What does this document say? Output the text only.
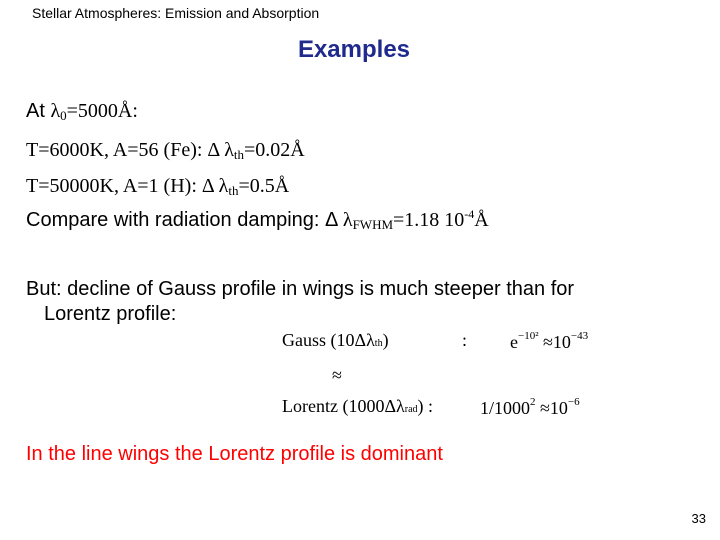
Stellar Atmospheres: Emission and Absorption
Examples
At $\lambda_0=5000Å$:
T=6000K, A=56 (Fe): Δ $\lambda_{th}=0.02Å$
T=50000K, A=1 (H): Δ $\lambda_{th}=0.5Å$
Compare with radiation damping: Δ $\lambda_{FWHM}=1.18$ $10^{-4}Å$
But: decline of Gauss profile in wings is much steeper than for
Lorentz profile:
Gauss (10Δλth)	: $e^{-10^2} \approx 10^{-43}$
≈
Lorentz (1000Δλrad) :	$1/1000^2 \approx 10^{-6}$
In the line wings the Lorentz profile is dominant
33
